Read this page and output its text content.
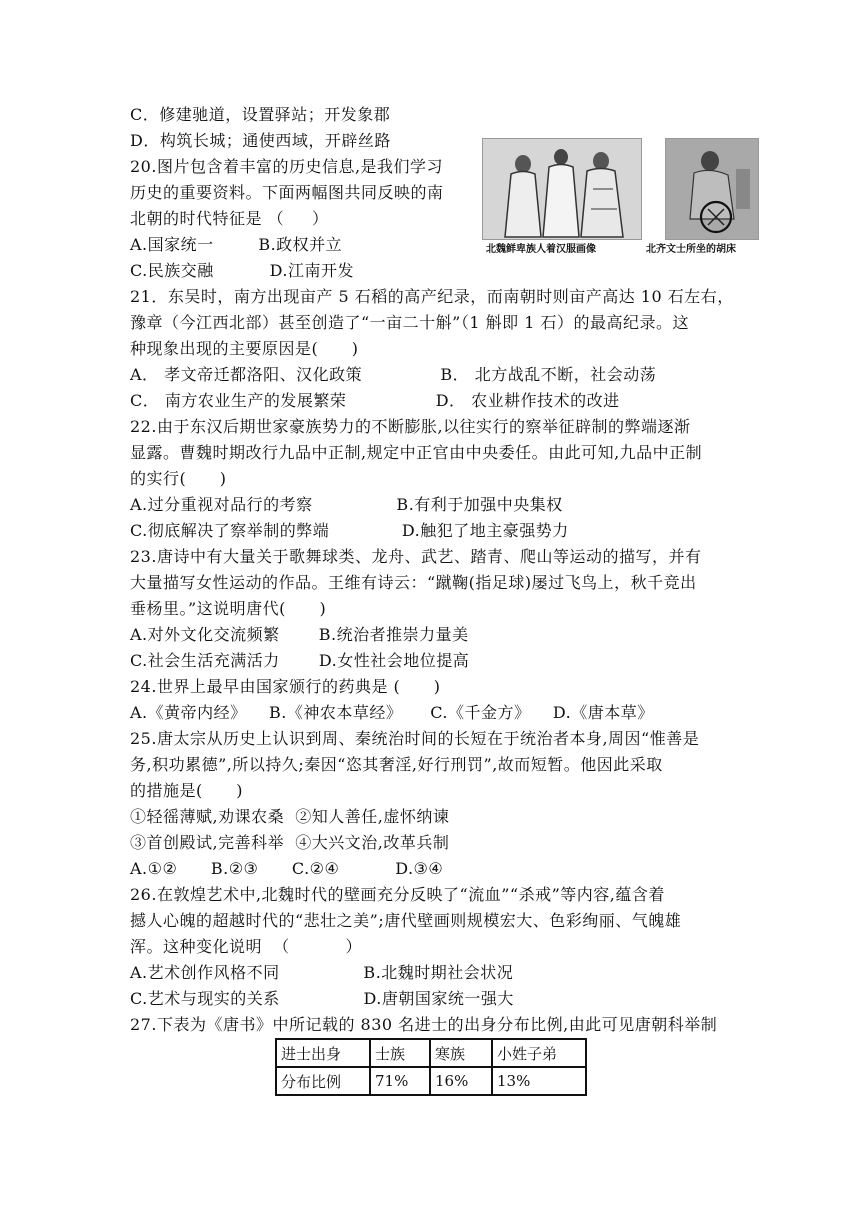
C．修建驰道，设置驿站；开发象郡
D．构筑长城；通使西域，开辟丝路
20.图片包含着丰富的历史信息,是我们学习
历史的重要资料。下面两幅图共同反映的南
北朝的时代特征是 （     ）
A.国家统一        B.政权并立
C.民族交融          D.江南开发
北魏鲜卑族人着汉服画像	北齐文士所坐的胡床
21．东吴时，南方出现亩产 5 石稻的高产纪录，而南朝时则亩产高达 10 石左右，
豫章（今江西北部）甚至创造了“一亩二十斛”（1 斛即 1 石）的最高纪录。这
种现象出现的主要原因是(      )
A． 孝文帝迁都洛阳、汉化政策              B． 北方战乱不断，社会动荡
C． 南方农业生产的发展繁荣                D． 农业耕作技术的改进
22.由于东汉后期世家豪族势力的不断膨胀,以往实行的察举征辟制的弊端逐渐
显露。曹魏时期改行九品中正制,规定中正官由中央委任。由此可知,九品中正制
的实行(      )
A.过分重视对品行的考察               B.有利于加强中央集权
C.彻底解决了察举制的弊端             D.触犯了地主豪强势力
23.唐诗中有大量关于歌舞球类、龙舟、武艺、踏青、爬山等运动的描写，并有
大量描写女性运动的作品。王维有诗云：“蹴鞠(指足球)屡过飞鸟上，秋千竞出
垂杨里。”这说明唐代(      )
A.对外文化交流频繁       B.统治者推崇力量美
C.社会生活充满活力       D.女性社会地位提高
24.世界上最早由国家颁行的药典是 (      )
A.《黄帝内经》    B.《神农本草经》     C.《千金方》    D.《唐本草》
25.唐太宗从历史上认识到周、秦统治时间的长短在于统治者本身,周因“惟善是
务,积功累德”,所以持久;秦因“恣其奢淫,好行刑罚”,故而短暂。他因此采取
的措施是(      )
①轻徭薄赋,劝课农桑  ②知人善任,虚怀纳谏
③首创殿试,完善科举  ④大兴文治,改革兵制
A.①②      B.②③      C.②④          D.③④
26.在敦煌艺术中,北魏时代的壁画充分反映了“流血”“杀戒”等内容,蕴含着
撼人心魄的超越时代的“悲壮之美”;唐代壁画则规模宏大、色彩绚丽、气魄雄
浑。这种变化说明  （          ）
A.艺术创作风格不同               B.北魏时期社会状况
C.艺术与现实的关系               D.唐朝国家统一强大
27.下表为《唐书》中所记载的 830 名进士的出身分布比例,由此可见唐朝科举制
进士出身	士族	寒族	小姓子弟
分布比例	71%	16%	13%
